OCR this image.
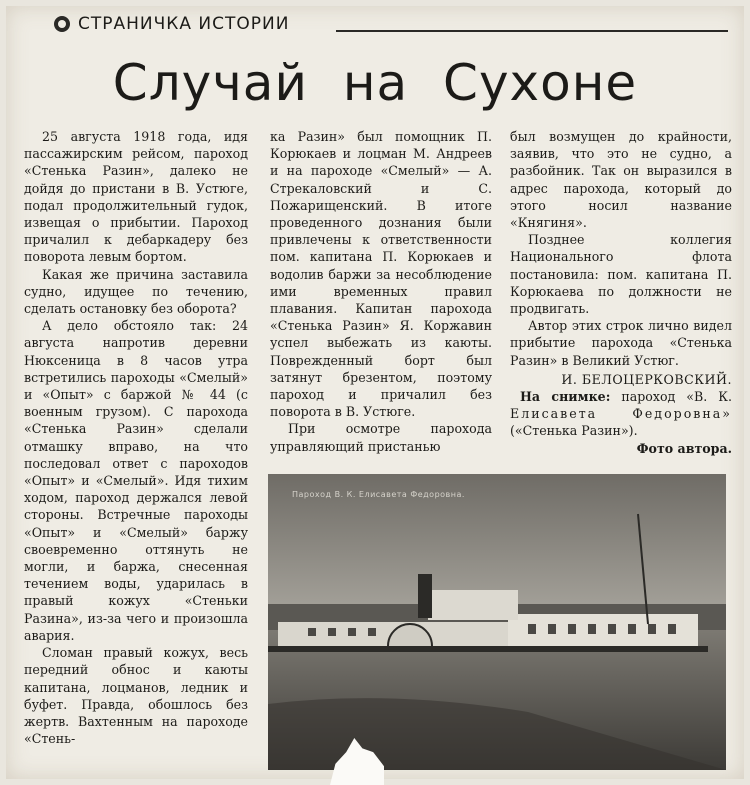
СТРАНИЧКА ИСТОРИИ
Случай на Сухоне

25 августа 1918 года, идя пассажирским рейсом, пароход «Стенька Разин», далеко не дойдя до пристани в В. Устюге, подал продолжительный гудок, извещая о прибытии. Пароход причалил к дебаркадеру без поворота левым бортом.

Какая же причина заставила судно, идущее по течению, сделать остановку без оборота?

А дело обстояло так: 24 августа напротив деревни Нюксеница в 8 часов утра встретились пароходы «Смелый» и «Опыт» с баржой № 44 (с военным грузом). С парохода «Стенька Разин» сделали отмашку вправо, на что последовал ответ с пароходов «Опыт» и «Смелый». Идя тихим ходом, пароход держался левой стороны. Встречные пароходы «Опыт» и «Смелый» баржу своевременно оттянуть не могли, и баржа, снесенная течением воды, ударилась в правый кожух «Стеньки Разина», из-за чего и произошла авария.

Сломан правый кожух, весь передний обнос и каюты капитана, лоцманов, ледник и буфет. Правда, обошлось без жертв. Вахтенным на пароходе «Стень-

ка Разин» был помощник П. Корюкаев и лоцман М. Андреев и на пароходе «Смелый» — А. Стрекаловский и С. Пожарищенский. В итоге проведенного дознания были привлечены к ответственности пом. капитана П. Корюкаев и водолив баржи за несоблюдение ими временных правил плавания. Капитан парохода «Стенька Разин» Я. Коржавин успел выбежать из каюты. Поврежденный борт был затянут брезентом, поэтому пароход и причалил без поворота в В. Устюге.

При осмотре парохода управляющий пристанью

был возмущен до крайности, заявив, что это не судно, а разбойник. Так он выразился в адрес парохода, который до этого носил название «Княгиня».

Позднее коллегия Национального флота постановила: пом. капитана П. Корюкаева по должности не продвигать.

Автор этих строк лично видел прибытие парохода «Стенька Разин» в Великий Устюг.

И. БЕЛОЦЕРКОВСКИЙ.

На снимке: пароход «В. К. Елисавета Федоровна» («Стенька Разин»).

Фото автора.

Пароход В. К. Елисавета Федоровна.
